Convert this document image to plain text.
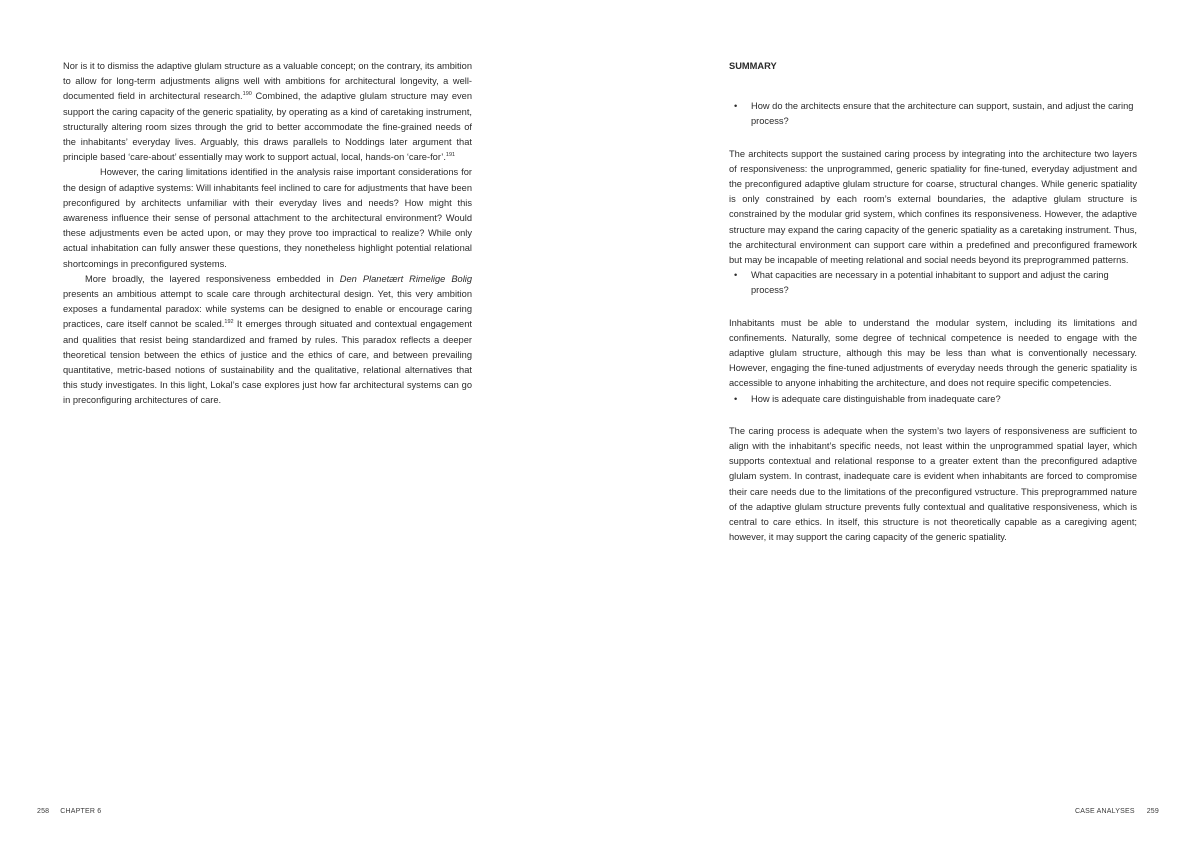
Nor is it to dismiss the adaptive glulam structure as a valuable concept; on the contrary, its ambition to allow for long-term adjustments aligns well with ambitions for architectural longevity, a well-documented field in architectural research.$^{190}$ Combined, the adaptive glulam structure may even support the caring capacity of the generic spatiality, by operating as a kind of caretaking instrument, structurally altering room sizes through the grid to better accommodate the fine-grained needs of the inhabitants’ everyday lives. Arguably, this draws parallels to Noddings later argument that principle based ‘care-about’ essentially may work to support actual, local, hands-on ‘care-for’.$^{191}$

However, the caring limitations identified in the analysis raise important considerations for the design of adaptive systems: Will inhabitants feel inclined to care for adjustments that have been preconfigured by architects unfamiliar with their everyday lives and needs? How might this awareness influence their sense of personal attachment to the architectural environment? Would these adjustments even be acted upon, or may they prove too impractical to realize? While only actual inhabitation can fully answer these questions, they nonetheless highlight potential relational shortcomings in preconfigured systems.

More broadly, the layered responsiveness embedded in Den Planetært Rimelige Bolig presents an ambitious attempt to scale care through architectural design. Yet, this very ambition exposes a fundamental paradox: while systems can be designed to enable or encourage caring practices, care itself cannot be scaled.$^{192}$ It emerges through situated and contextual engagement and qualities that resist being standardized and framed by rules. This paradox reflects a deeper theoretical tension between the ethics of justice and the ethics of care, and between prevailing quantitative, metric-based notions of sustainability and the qualitative, relational alternatives that this study investigates. In this light, Lokal’s case explores just how far architectural systems can go in preconfiguring architectures of care.

258 CHAPTER 6
SUMMARY
• How do the architects ensure that the architecture can support, sustain, and adjust the caring process?

The architects support the sustained caring process by integrating into the architecture two layers of responsiveness: the unprogrammed, generic spatiality for fine-tuned, everyday adjustment and the preconfigured adaptive glulam structure for coarse, structural changes. While generic spatiality is only constrained by each room’s external boundaries, the adaptive glulam structure is constrained by the modular grid system, which confines its responsiveness. However, the adaptive structure may expand the caring capacity of the generic spatiality as a caretaking instrument. Thus, the architectural environment can support care within a predefined and preconfigured framework but may be incapable of meeting relational and social needs beyond its preprogrammed patterns.

• What capacities are necessary in a potential inhabitant to support and adjust the caring process?

Inhabitants must be able to understand the modular system, including its limitations and confinements. Naturally, some degree of technical competence is needed to engage with the adaptive glulam structure, although this may be less than what is conventionally necessary. However, engaging the fine-tuned adjustments of everyday needs through the generic spatiality is accessible to anyone inhabiting the architecture, and does not require specific competencies.

• How is adequate care distinguishable from inadequate care?

The caring process is adequate when the system’s two layers of responsiveness are sufficient to align with the inhabitant’s specific needs, not least within the unprogrammed spatial layer, which supports contextual and relational response to a greater extent than the preconfigured adaptive glulam system. In contrast, inadequate care is evident when inhabitants are forced to compromise their care needs due to the limitations of the preconfigured vstructure. This preprogrammed nature of the adaptive glulam structure prevents fully contextual and qualitative responsiveness, which is central to care ethics. In itself, this structure is not theoretically capable as a caregiving agent; however, it may support the caring capacity of the generic spatiality.

CASE ANALYSES 259
